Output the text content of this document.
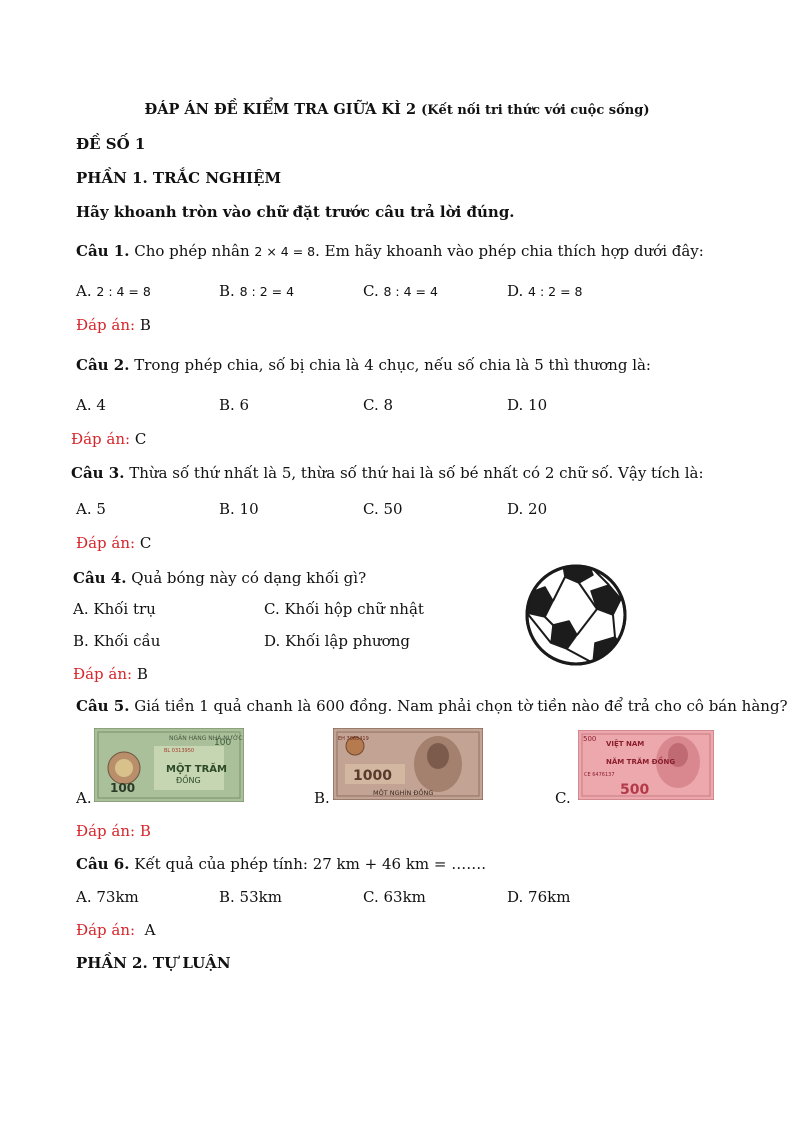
ĐÁP ÁN ĐỀ KIỂM TRA GIỮA KÌ 2 (Kết nối tri thức với cuộc sống)
ĐỀ SỐ 1
PHẦN 1. TRẮC NGHIỆM
Hãy khoanh tròn vào chữ đặt trước câu trả lời đúng.
Câu 1. Cho phép nhân 2 × 4 = 8. Em hãy khoanh vào phép chia thích hợp dưới đây:
A. 2 : 4 = 8	B. 8 : 2 = 4	C. 8 : 4 = 4	D. 4 : 2 = 8
Đáp án: B
Câu 2. Trong phép chia, số bị chia là 4 chục, nếu số chia là 5 thì thương là:
A. 4	B. 6	C. 8	D. 10
Đáp án: C
Câu 3. Thừa số thứ nhất là 5, thừa số thứ hai là số bé nhất có 2 chữ số. Vậy tích là:
A. 5	B. 10	C. 50	D. 20
Đáp án: C
Câu 4. Quả bóng này có dạng khối gì?
A. Khối trụ	C. Khối hộp chữ nhật
B. Khối cầu	D. Khối lập phương
Đáp án: B
Câu 5. Giá tiền 1 quả chanh là 600 đồng. Nam phải chọn tờ tiền nào để trả cho cô bán hàng?
A.
NGÂN HÀNG NHÀ NƯỚC
BL 0313950
100
MỘT TRĂM
ĐỒNG
100
B.
EH 3065419
1000
MỘT NGHÌN ĐỒNG	C.
VIỆT NAM
NĂM TRĂM ĐỒNG
CE 6476137
500
500
Đáp án: B
Câu 6. Kết quả của phép tính: 27 km + 46 km = …….
A. 73km	B. 53km	C. 63km	D. 76km
Đáp án: A
PHẦN 2. TỰ LUẬN
